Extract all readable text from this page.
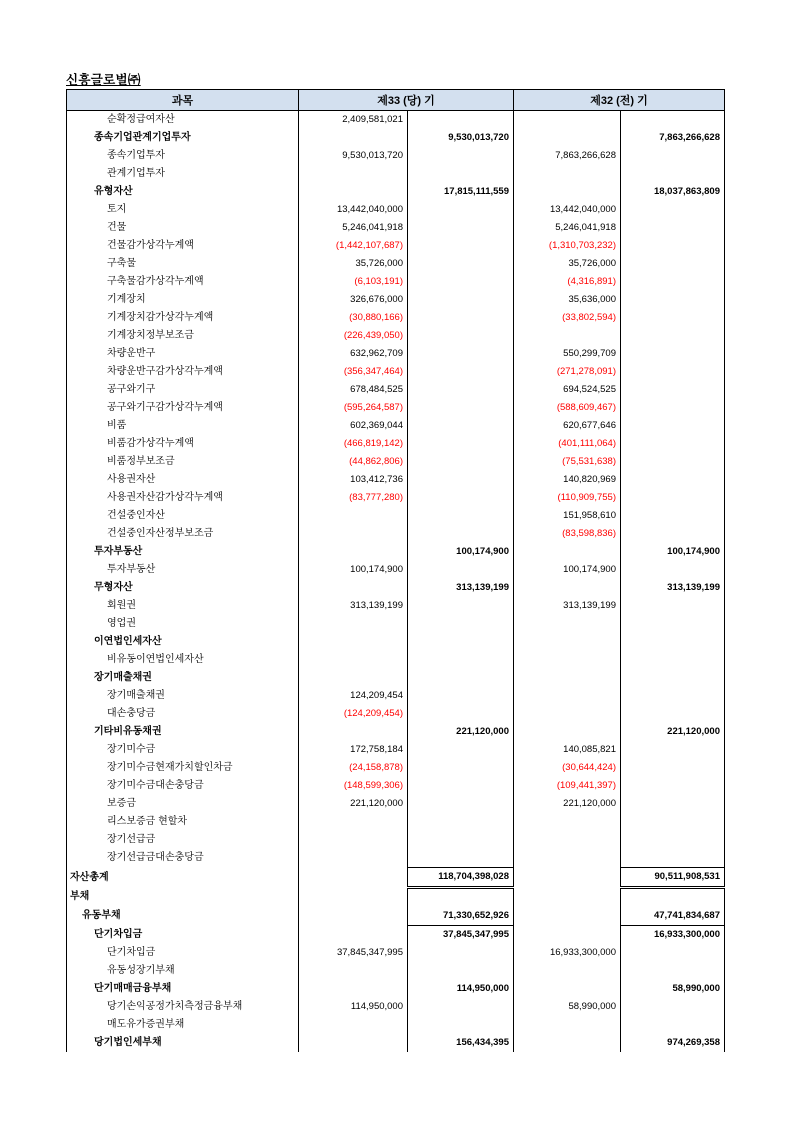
신흥글로벌㈜
과목	제33 (당) 기		제32 (전) 기	
순확정급여자산	2,409,581,021			
종속기업관계기업투자		9,530,013,720		7,863,266,628
종속기업투자	9,530,013,720		7,863,266,628	
관계기업투자				
유형자산		17,815,111,559		18,037,863,809
토지	13,442,040,000		13,442,040,000	
건물	5,246,041,918		5,246,041,918	
건물감가상각누계액	(1,442,107,687)		(1,310,703,232)	
구축물	35,726,000		35,726,000	
구축물감가상각누계액	(6,103,191)		(4,316,891)	
기계장치	326,676,000		35,636,000	
기계장치감가상각누계액	(30,880,166)		(33,802,594)	
기계장치정부보조금	(226,439,050)			
차량운반구	632,962,709		550,299,709	
차량운반구감가상각누계액	(356,347,464)		(271,278,091)	
공구와기구	678,484,525		694,524,525	
공구와기구감가상각누계액	(595,264,587)		(588,609,467)	
비품	602,369,044		620,677,646	
비품감가상각누계액	(466,819,142)		(401,111,064)	
비품정부보조금	(44,862,806)		(75,531,638)	
사용권자산	103,412,736		140,820,969	
사용권자산감가상각누계액	(83,777,280)		(110,909,755)	
건설중인자산			151,958,610	
건설중인자산정부보조금			(83,598,836)	
투자부동산		100,174,900		100,174,900
투자부동산	100,174,900		100,174,900	
무형자산		313,139,199		313,139,199
회원권	313,139,199		313,139,199	
영업권				
이연법인세자산				
비유동이연법인세자산				
장기매출채권				
장기매출채권	124,209,454			
대손충당금	(124,209,454)			
기타비유동채권		221,120,000		221,120,000
장기미수금	172,758,184		140,085,821	
장기미수금현재가치할인차금	(24,158,878)		(30,644,424)	
장기미수금대손충당금	(148,599,306)		(109,441,397)	
보증금	221,120,000		221,120,000	
리스보증금 현할차				
장기선급금				
장기선급금대손충당금				
자산총계		118,704,398,028		90,511,908,531
부채				
유동부채		71,330,652,926		47,741,834,687
단기차입금		37,845,347,995		16,933,300,000
단기차입금	37,845,347,995		16,933,300,000	
유동성장기부채				
단기매매금융부채		114,950,000		58,990,000
당기손익공정가치측정금융부채	114,950,000		58,990,000	
매도유가증권부채				
당기법인세부채		156,434,395		974,269,358
